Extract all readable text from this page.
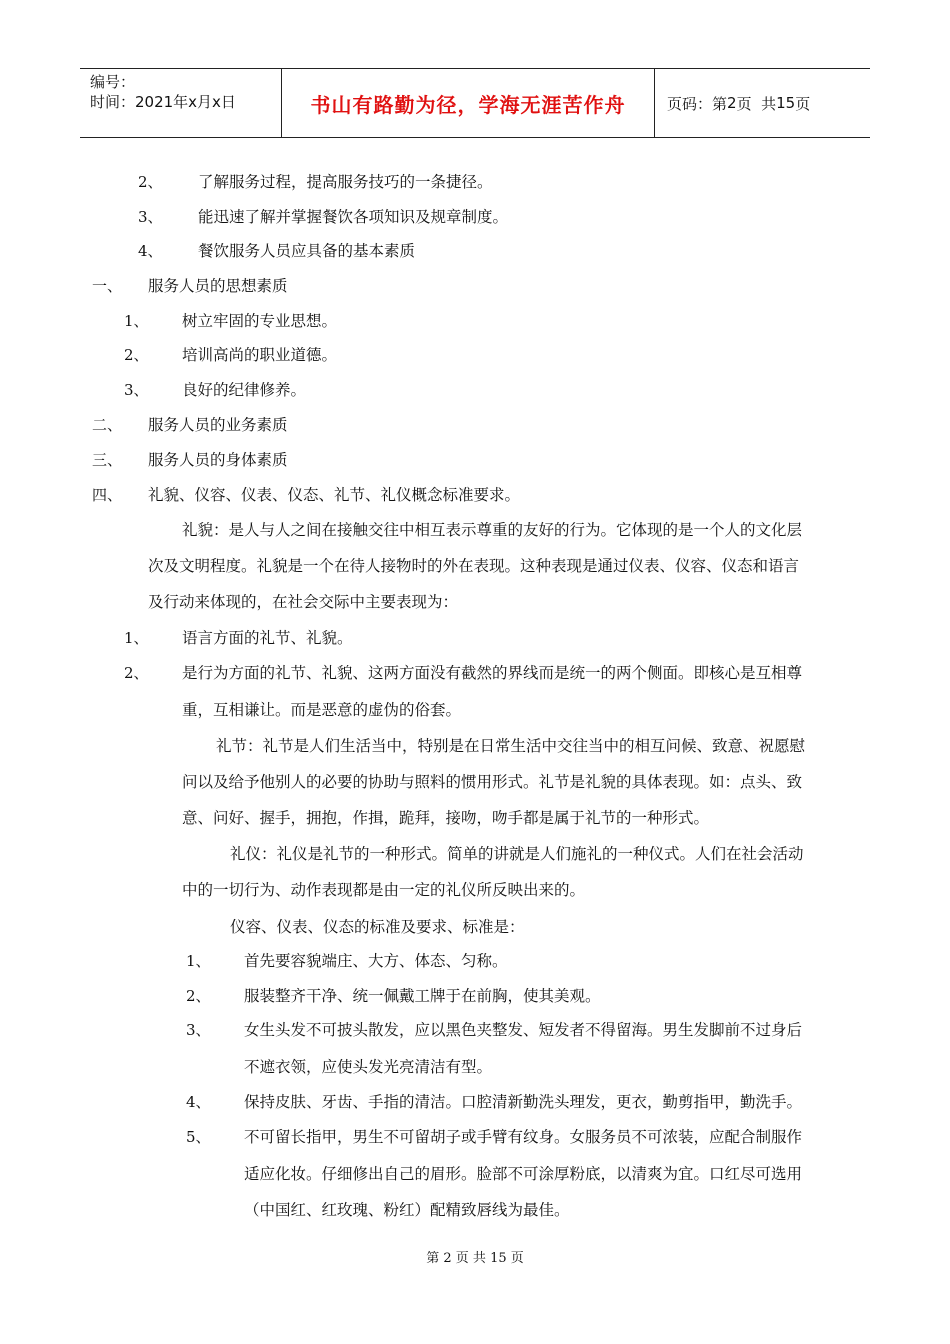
编号：
时间：2021年x月x日	书山有路勤为径，学海无涯苦作舟	页码：第 2 页  共 15 页
2、 了解服务过程，提高服务技巧的一条捷径。
3、 能迅速了解并掌握餐饮各项知识及规章制度。
4、 餐饮服务人员应具备的基本素质
一、 服务人员的思想素质
1、 树立牢固的专业思想。
2、 培训高尚的职业道德。
3、 良好的纪律修养。
二、 服务人员的业务素质
三、 服务人员的身体素质
四、 礼貌、仪容、仪表、仪态、礼节、礼仪概念标准要求。
礼貌：是人与人之间在接触交往中相互表示尊重的友好的行为。它体现的是一个人的文化层
次及文明程度。礼貌是一个在待人接物时的外在表现。这种表现是通过仪表、仪容、仪态和语言
及行动来体现的，在社会交际中主要表现为：
1、 语言方面的礼节、礼貌。
2、 是行为方面的礼节、礼貌、这两方面没有截然的界线而是统一的两个侧面。即核心是互相尊
重，互相谦让。而是恶意的虚伪的俗套。
礼节：礼节是人们生活当中，特别是在日常生活中交往当中的相互问候、致意、祝愿慰
问以及给予他别人的必要的协助与照料的惯用形式。礼节是礼貌的具体表现。如：点头、致
意、问好、握手，拥抱，作揖，跪拜，接吻，吻手都是属于礼节的一种形式。
礼仪：礼仪是礼节的一种形式。简单的讲就是人们施礼的一种仪式。人们在社会活动
中的一切行为、动作表现都是由一定的礼仪所反映出来的。
仪容、仪表、仪态的标准及要求、标准是：
1、 首先要容貌端庄、大方、体态、匀称。
2、 服装整齐干净、统一佩戴工牌于在前胸，使其美观。
3、 女生头发不可披头散发，应以黑色夹整发、短发者不得留海。男生发脚前不过身后
不遮衣领，应使头发光亮清洁有型。
4、 保持皮肤、牙齿、手指的清洁。口腔清新勤洗头理发，更衣，勤剪指甲，勤洗手。
5、 不可留长指甲，男生不可留胡子或手臂有纹身。女服务员不可浓装，应配合制服作
适应化妆。仔细修出自己的眉形。脸部不可涂厚粉底，以清爽为宜。口红尽可选用
（中国红、红玫瑰、粉红）配精致唇线为最佳。
第 2 页 共 15 页
